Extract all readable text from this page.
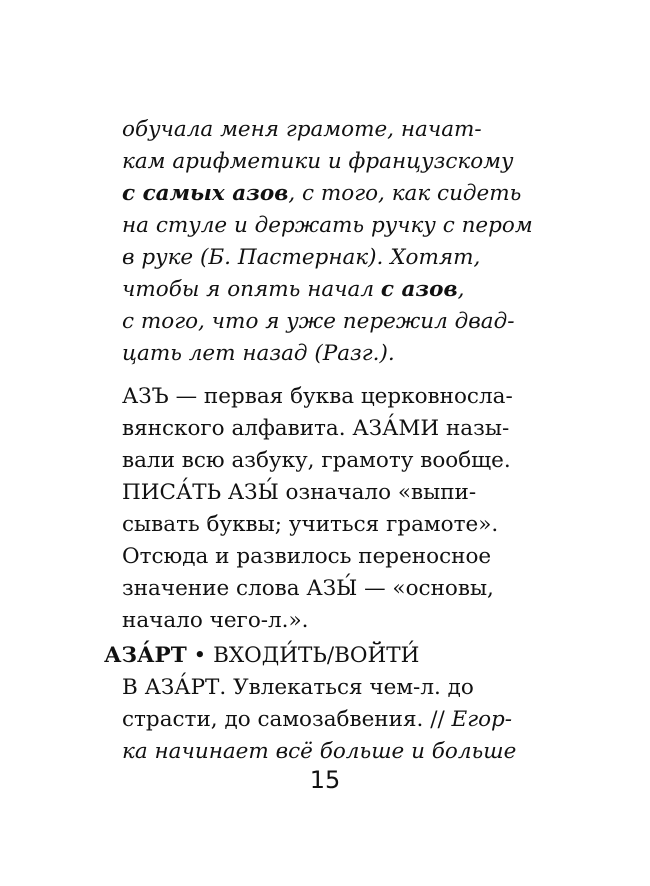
обучала меня грамоте, начат-
кам арифметики и французскому
с самых азов, с того, как сидеть
на стуле и держать ручку с пером
в руке (Б. Пастернак). Хотят,
чтобы я опять начал с азов,
с того, что я уже пережил двад-
цать лет назад (Разг.).
АЗЪ — первая буква церковносла-
вянского алфавита. АЗА́МИ назы-
вали всю азбуку, грамоту вообще.
ПИСА́ТЬ АЗЫ́ означало «выпи-
сывать буквы; учиться грамоте».
Отсюда и развилось переносное
значение слова АЗЫ́ — «основы,
начало чего-л.».
АЗА́РТ • ВХОДИ́ТЬ/ВОЙТИ́
В АЗА́РТ. Увлекаться чем-л. до
страсти, до самозабвения. // Егор-
ка начинает всё больше и больше
15
